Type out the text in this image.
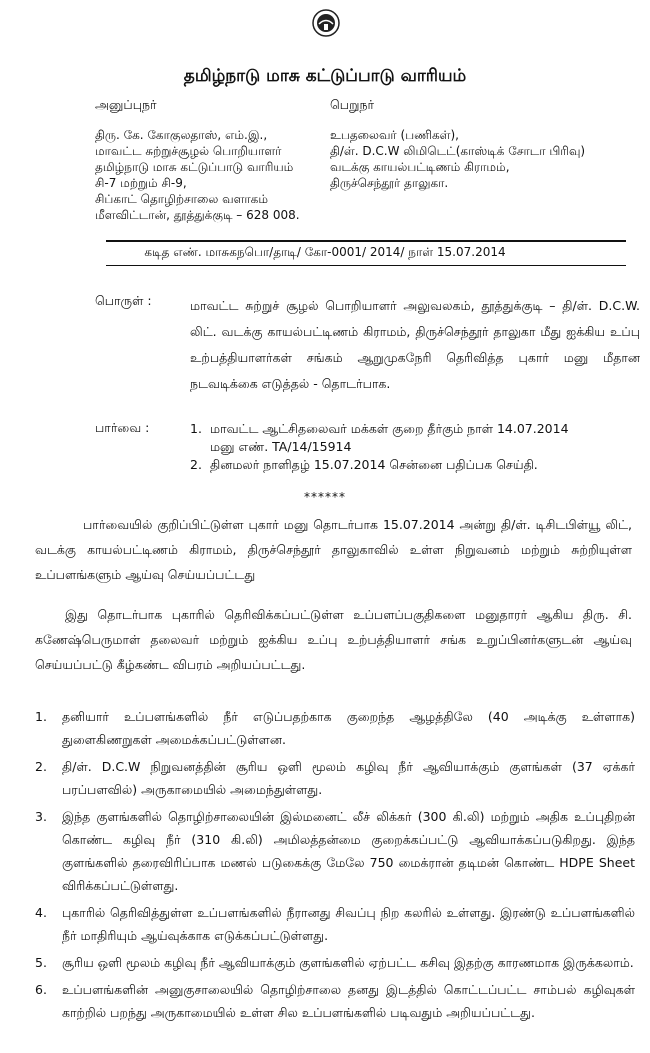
தமிழ்நாடு மாசு கட்டுப்பாடு வாரியம்
அனுப்புநர்
திரு. கே. கோகுலதாஸ், எம்.இ.,
மாவட்ட சுற்றுச்சூழல் பொறியாளர்
தமிழ்நாடு மாசு கட்டுப்பாடு வாரியம்
சி-7 மற்றும் சி-9,
சிப்காட் தொழிற்சாலை வளாகம்
மீளவிட்டான், தூத்துக்குடி – 628 008.
பெறுநர்
உபதலைவர் (பணிகள்),
தி/ள். D.C.W லிமிடெட்(காஸ்டிக் சோடா பிரிவு)
வடக்கு காயல்பட்டிணம் கிராமம்,
திருச்செந்தூர் தாலுகா.
கடித எண். மாசுகநபொ/தாடி/ கோ-0001/ 2014/ நாள் 15.07.2014
பொருள் :	மாவட்ட சுற்றுச் சூழல் பொறியாளர் அலுவலகம், தூத்துக்குடி – தி/ள். D.C.W. லிட். வடக்கு காயல்பட்டிணம் கிராமம், திருச்செந்தூர் தாலுகா மீது ஐக்கிய உப்பு உற்பத்தியாளர்கள் சங்கம் ஆறுமுகநேரி தெரிவித்த புகார் மனு மீதான நடவடிக்கை எடுத்தல் - தொடர்பாக.
பார்வை :	1. மாவட்ட ஆட்சிதலைவர் மக்கள் குறை தீர்கும் நாள் 14.07.2014
மனு எண். TA/14/15914
2. தினமலர் நாளிதழ் 15.07.2014 சென்னை பதிப்பக செய்தி.
******
பார்வையில் குறிப்பிட்டுள்ள புகார் மனு தொடர்பாக 15.07.2014 அன்று தி/ள். டிசிடபிள்யூ லிட், வடக்கு காயல்பட்டிணம் கிராமம், திருச்செந்தூர் தாலுகாவில் உள்ள நிறுவனம் மற்றும் சுற்றியுள்ள உப்பளங்களும் ஆய்வு செய்யப்பட்டது
இது தொடர்பாக புகாரில் தெரிவிக்கப்பட்டுள்ள உப்பளப்பகுதிகளை மனுதாரர் ஆகிய திரு. சி. கணேஷ்பெருமாள் தலைவர் மற்றும் ஐக்கிய உப்பு உற்பத்தியாளர் சங்க உறுப்பினர்களுடன் ஆய்வு செய்யப்பட்டு கீழ்கண்ட விபரம் அறியப்பட்டது.
1.	தனியார் உப்பளங்களில் நீர் எடுப்பதற்காக குறைந்த ஆழத்திலே (40 அடிக்கு உள்ளாக) துளைகிணறுகள் அமைக்கப்பட்டுள்ளன.
2.	தி/ள். D.C.W நிறுவனத்தின் சூரிய ஒளி மூலம் கழிவு நீர் ஆவியாக்கும் குளங்கள் (37 ஏக்கர் பரப்பளவில்) அருகாமையில் அமைந்துள்ளது.
3.	இந்த குளங்களில் தொழிற்சாலையின் இல்மனைட் லீச் லிக்கர் (300 கி.லி) மற்றும் அதிக உப்புதிறன் கொண்ட கழிவு நீர் (310 கி.லி) அமிலத்தன்மை குறைக்கப்பட்டு ஆவியாக்கப்படுகிறது. இந்த குளங்களில் தரைவிரிப்பாக மணல் படுகைக்கு மேலே 750 மைக்ரான் தடிமன் கொண்ட HDPE Sheet விரிக்கப்பட்டுள்ளது.
4.	புகாரில் தெரிவித்துள்ள உப்பளங்களில் நீரானது சிவப்பு நிற கலரில் உள்ளது. இரண்டு உப்பளங்களில் நீர் மாதிரியும் ஆய்வுக்காக எடுக்கப்பட்டுள்ளது.
5.	சூரிய ஒளி மூலம் கழிவு நீர் ஆவியாக்கும் குளங்களில் ஏற்பட்ட கசிவு இதற்கு காரணமாக இருக்கலாம்.
6.	உப்பளங்களின் அனுகுசாலையில் தொழிற்சாலை தனது இடத்தில் கொட்டப்பட்ட சாம்பல் கழிவுகள் காற்றில் பறந்து அருகாமையில் உள்ள சில உப்பளங்களில் படிவதும் அறியப்பட்டது.
